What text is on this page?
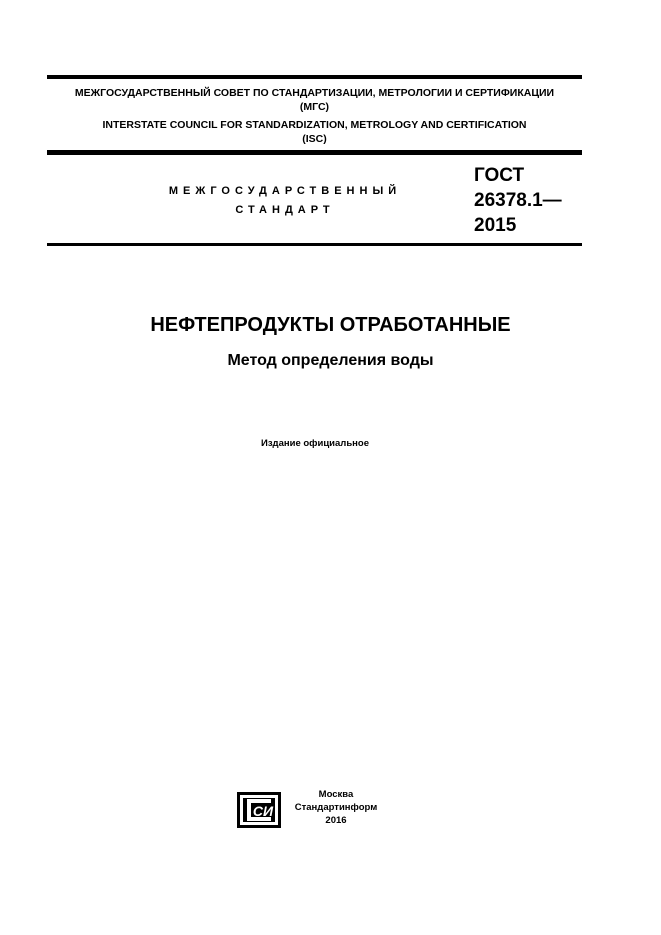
МЕЖГОСУДАРСТВЕННЫЙ СОВЕТ ПО СТАНДАРТИЗАЦИИ, МЕТРОЛОГИИ И СЕРТИФИКАЦИИ
(МГС)
INTERSTATE COUNCIL FOR STANDARDIZATION, METROLOGY AND CERTIFICATION
(ISC)
МЕЖГОСУДАРСТВЕННЫЙ
СТАНДАРТ
ГОСТ
26378.1—
2015
НЕФТЕПРОДУКТЫ ОТРАБОТАННЫЕ
Метод определения воды
Издание официальное
СИ
Москва
Стандартинформ
2016
